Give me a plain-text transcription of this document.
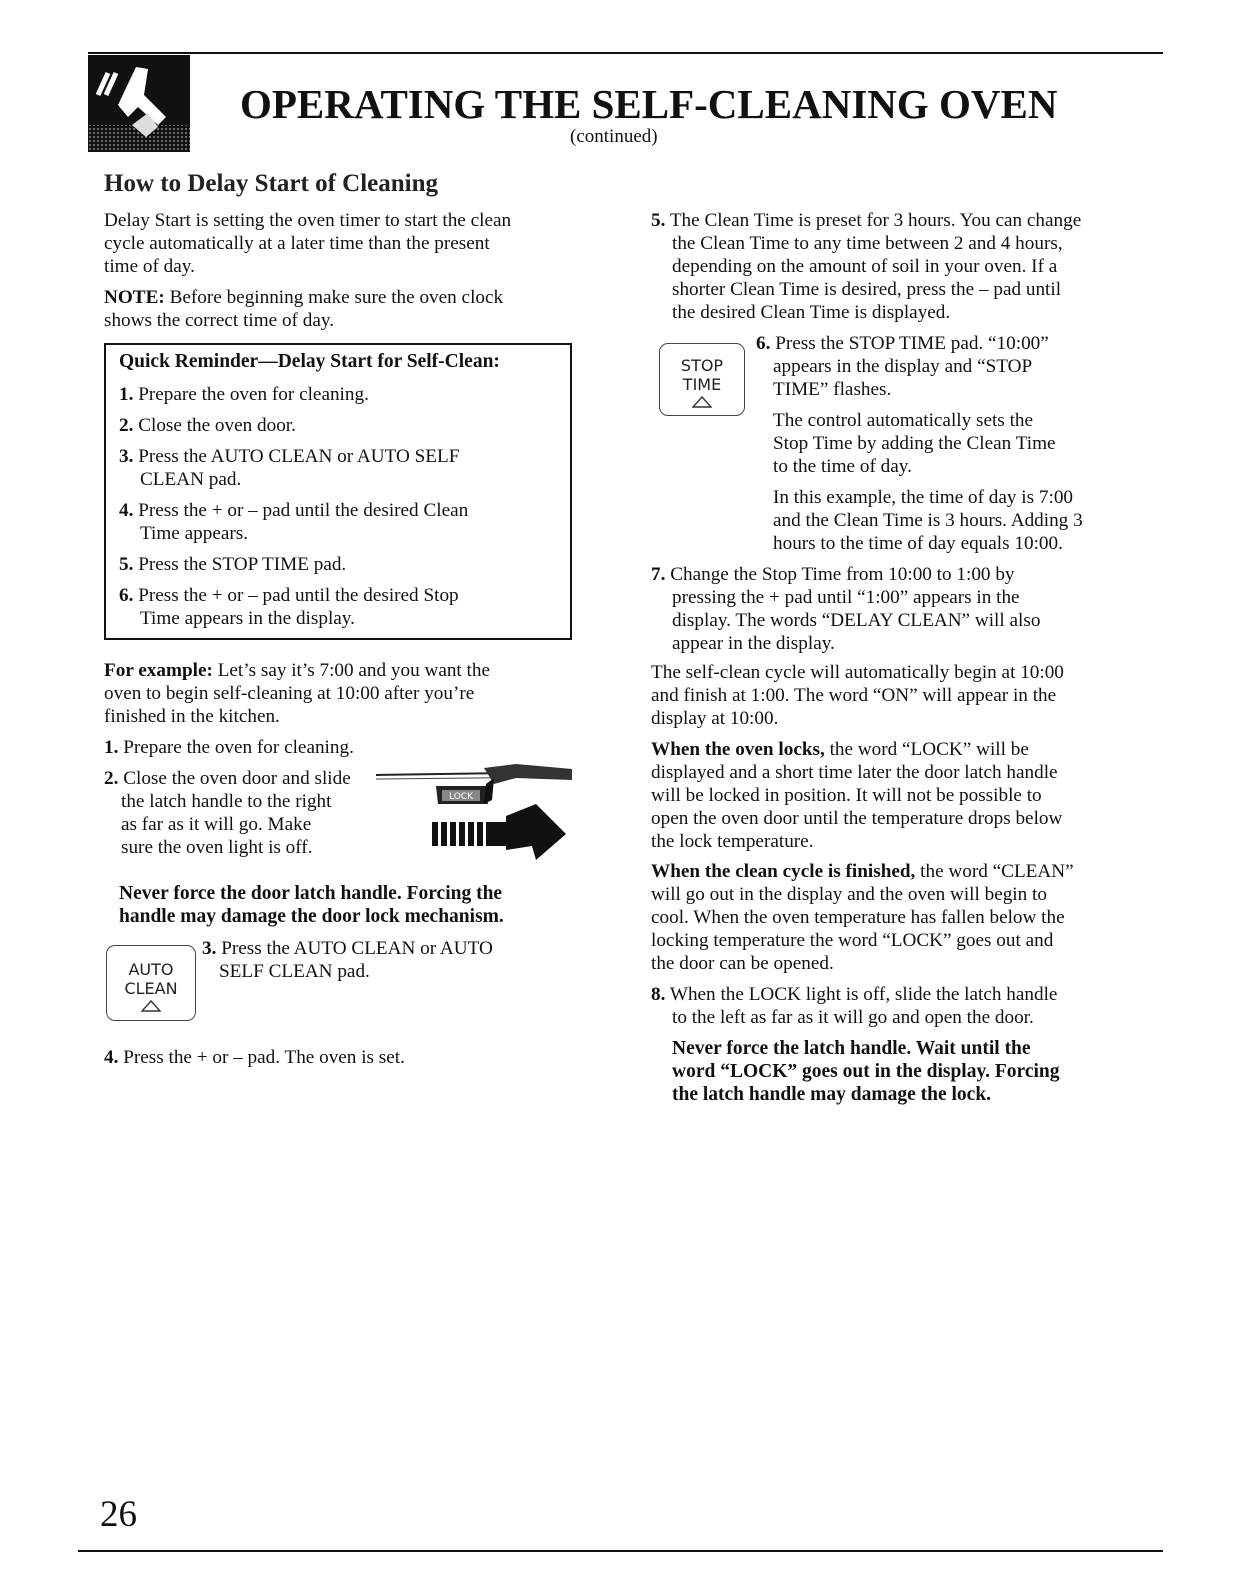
OPERATING THE SELF-CLEANING OVEN
(continued)
How to Delay Start of Cleaning
Delay Start is setting the oven timer to start the clean
cycle automatically at a later time than the present
time of day.
NOTE: Before beginning make sure the oven clock
shows the correct time of day.
Quick Reminder—Delay Start for Self-Clean:
1. Prepare the oven for cleaning.
2. Close the oven door.
3. Press the AUTO CLEAN or AUTO SELF
CLEAN pad.
4. Press the + or – pad until the desired Clean
Time appears.
5. Press the STOP TIME pad.
6. Press the + or – pad until the desired Stop
Time appears in the display.
For example: Let’s say it’s 7:00 and you want the
oven to begin self-cleaning at 10:00 after you’re
finished in the kitchen.
1. Prepare the oven for cleaning.
2. Close the oven door and slide
the latch handle to the right
as far as it will go. Make
sure the oven light is off.
LOCK
Never force the door latch handle. Forcing the
handle may damage the door lock mechanism.
AUTO
CLEAN
3. Press the AUTO CLEAN or AUTO
SELF CLEAN pad.
4. Press the + or – pad. The oven is set.
5. The Clean Time is preset for 3 hours. You can change
the Clean Time to any time between 2 and 4 hours,
depending on the amount of soil in your oven. If a
shorter Clean Time is desired, press the – pad until
the desired Clean Time is displayed.
STOP
TIME
6. Press the STOP TIME pad. “10:00”
appears in the display and “STOP
TIME” flashes.
The control automatically sets the
Stop Time by adding the Clean Time
to the time of day.
In this example, the time of day is 7:00
and the Clean Time is 3 hours. Adding 3
hours to the time of day equals 10:00.
7. Change the Stop Time from 10:00 to 1:00 by
pressing the + pad until “1:00” appears in the
display. The words “DELAY CLEAN” will also
appear in the display.
The self-clean cycle will automatically begin at 10:00
and finish at 1:00. The word “ON” will appear in the
display at 10:00.
When the oven locks, the word “LOCK” will be
displayed and a short time later the door latch handle
will be locked in position. It will not be possible to
open the oven door until the temperature drops below
the lock temperature.
When the clean cycle is finished, the word “CLEAN”
will go out in the display and the oven will begin to
cool. When the oven temperature has fallen below the
locking temperature the word “LOCK” goes out and
the door can be opened.
8. When the LOCK light is off, slide the latch handle
to the left as far as it will go and open the door.
Never force the latch handle. Wait until the
word “LOCK” goes out in the display. Forcing
the latch handle may damage the lock.
26
